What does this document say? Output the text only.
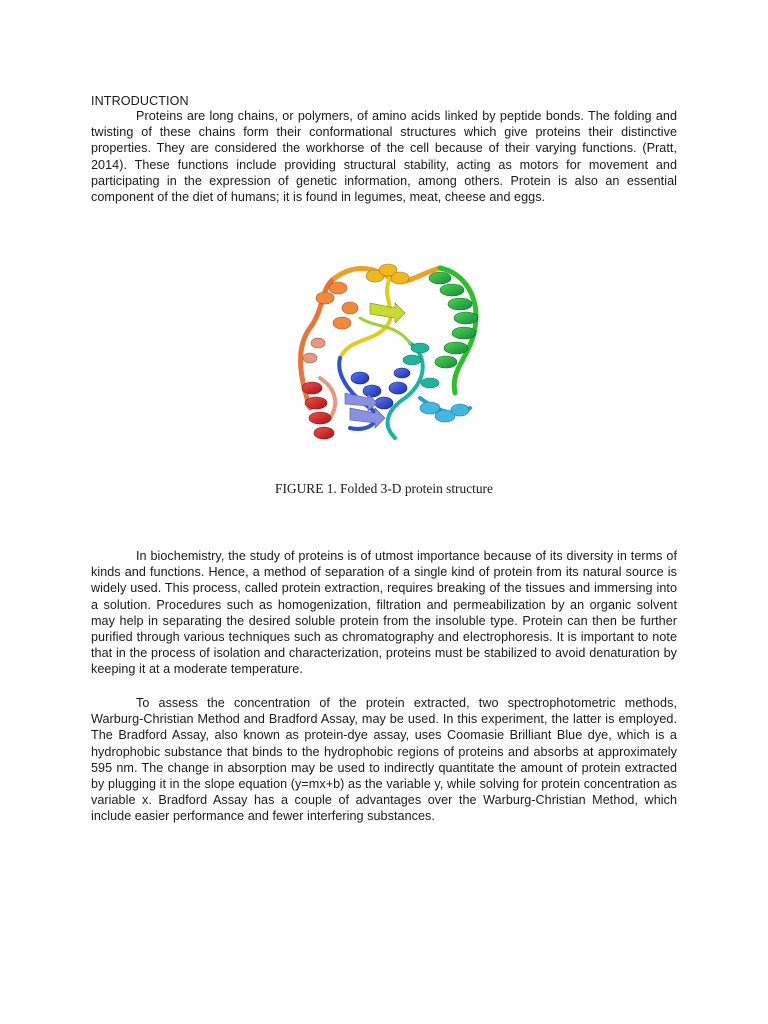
INTRODUCTION

Proteins are long chains, or polymers, of amino acids linked by peptide bonds. The folding and twisting of these chains form their conformational structures which give proteins their distinctive properties. They are considered the workhorse of the cell because of their varying functions. (Pratt, 2014). These functions include providing structural stability, acting as motors for movement and participating in the expression of genetic information, among others. Protein is also an essential component of the diet of humans; it is found in legumes, meat, cheese and eggs.

FIGURE 1. Folded 3-D protein structure

In biochemistry, the study of proteins is of utmost importance because of its diversity in terms of kinds and functions. Hence, a method of separation of a single kind of protein from its natural source is widely used. This process, called protein extraction, requires breaking of the tissues and immersing into a solution. Procedures such as homogenization, filtration and permeabilization by an organic solvent may help in separating the desired soluble protein from the insoluble type. Protein can then be further purified through various techniques such as chromatography and electrophoresis. It is important to note that in the process of isolation and characterization, proteins must be stabilized to avoid denaturation by keeping it at a moderate temperature.

To assess the concentration of the protein extracted, two spectrophotometric methods, Warburg-Christian Method and Bradford Assay, may be used. In this experiment, the latter is employed. The Bradford Assay, also known as protein-dye assay, uses Coomasie Brilliant Blue dye, which is a hydrophobic substance that binds to the hydrophobic regions of proteins and absorbs at approximately 595 nm. The change in absorption may be used to indirectly quantitate the amount of protein extracted by plugging it in the slope equation (y=mx+b) as the variable y, while solving for protein concentration as variable x. Bradford Assay has a couple of advantages over the Warburg-Christian Method, which include easier performance and fewer interfering substances.
